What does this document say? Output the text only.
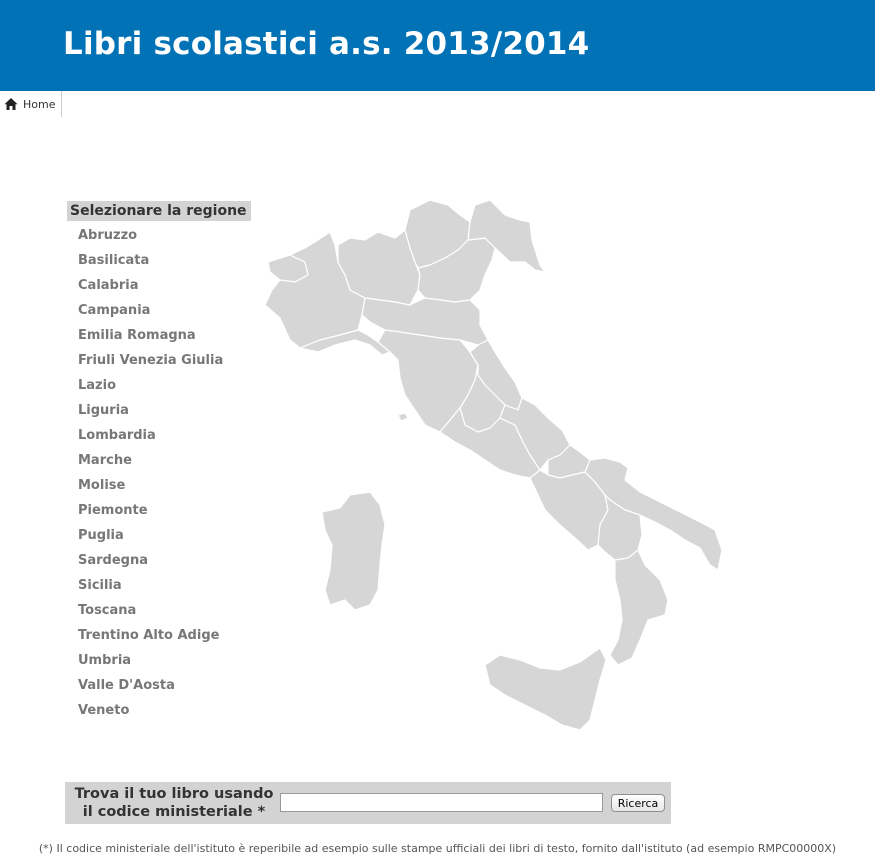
Libri scolastici a.s. 2013/2014
Home
Selezionare la regione
Abruzzo
Basilicata
Calabria
Campania
Emilia Romagna
Friuli Venezia Giulia
Lazio
Liguria
Lombardia
Marche
Molise
Piemonte
Puglia
Sardegna
Sicilia
Toscana
Trentino Alto Adige
Umbria
Valle D'Aosta
Veneto
Trova il tuo libro usando
il codice ministeriale *
Ricerca
(*) Il codice ministeriale dell'istituto è reperibile ad esempio sulle stampe ufficiali dei libri di testo, fornito dall'istituto (ad esempio RMPC00000X)
